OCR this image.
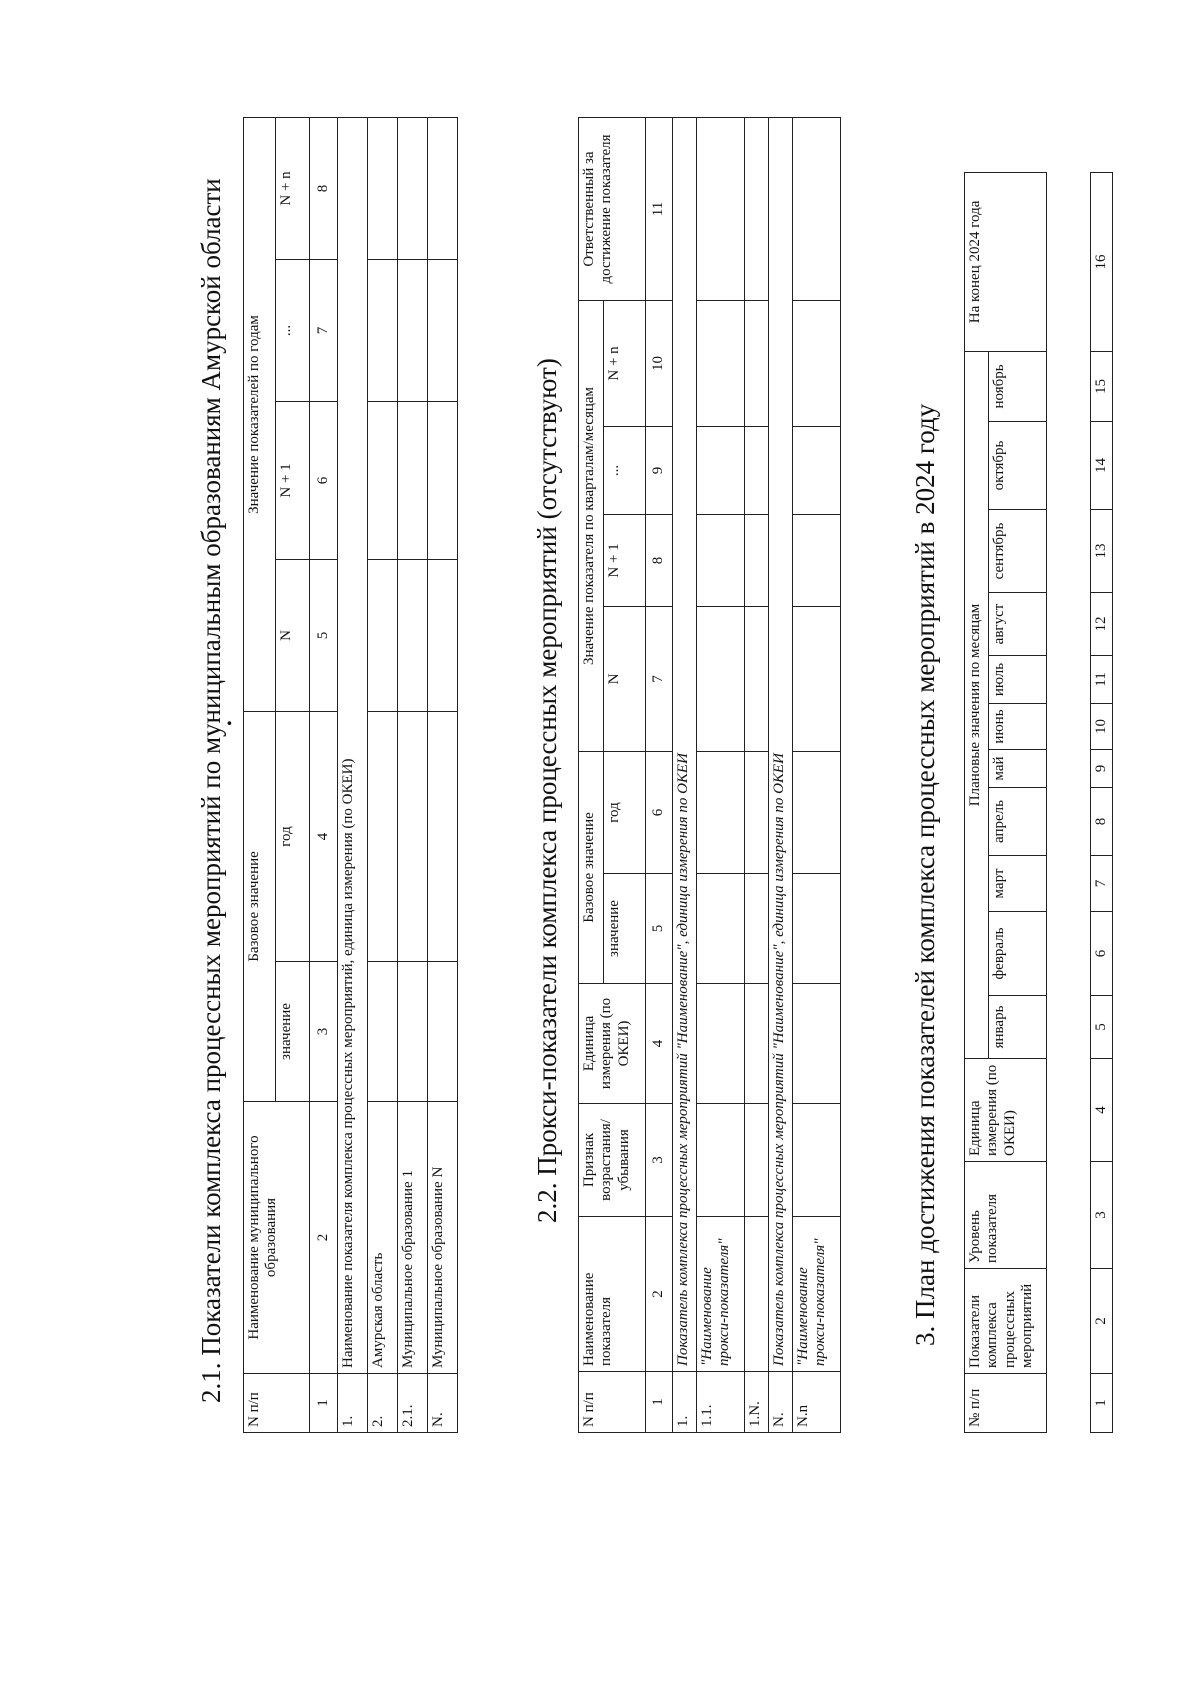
2.1. Показатели комплекса процессных мероприятий по муниципальным образованиям Амурской области
•
N п/п	Наименование муниципального образования	Базовое значение		Значение показателей по годам			
		значение	год	N	N + 1	...	N + n
1	2	3	4	5	6	7	8
1.	Наименование показателя комплекса процессных мероприятий, единица измерения (по ОКЕИ)						
2.	Амурская область						
2.1.	Муниципальное образование 1						
N.	Муниципальное образование N						
2.2. Прокси-показатели комплекса процессных мероприятий (отсутствуют)
N п/п	Наименование показателя	Признак возрастания/ убывания	Единица измерения (по ОКЕИ)	Базовое значение		Значение показателя по кварталам/месяцам				Ответственный за достижение показателя
				значение	год	N	N + 1	...	N + n	
1	2	3	4	5	6	7	8	9	10	11
1.	Показатель комплекса процессных мероприятий "Наименование", единица измерения по ОКЕИ									
1.1.	"Наименование прокси-показателя"									
1.N.										
N.	Показатель комплекса процессных мероприятий "Наименование", единица измерения по ОКЕИ									
N.n	"Наименование прокси-показателя"										3. План достижения показателей комплекса процессных мероприятий в 2024 году
№ п/п	Показатели комплекса процессных мероприятий	Уровень показателя	Единица измерения (по ОКЕИ)	Плановые значения по месяцам											На конец 2024 года
				январь	февраль	март	апрель	май	июнь	июль	август	сентябрь	октябрь	ноябрь	
1	2	3	4	5	6	7	8	9	10	11	12	13	14	15	16
